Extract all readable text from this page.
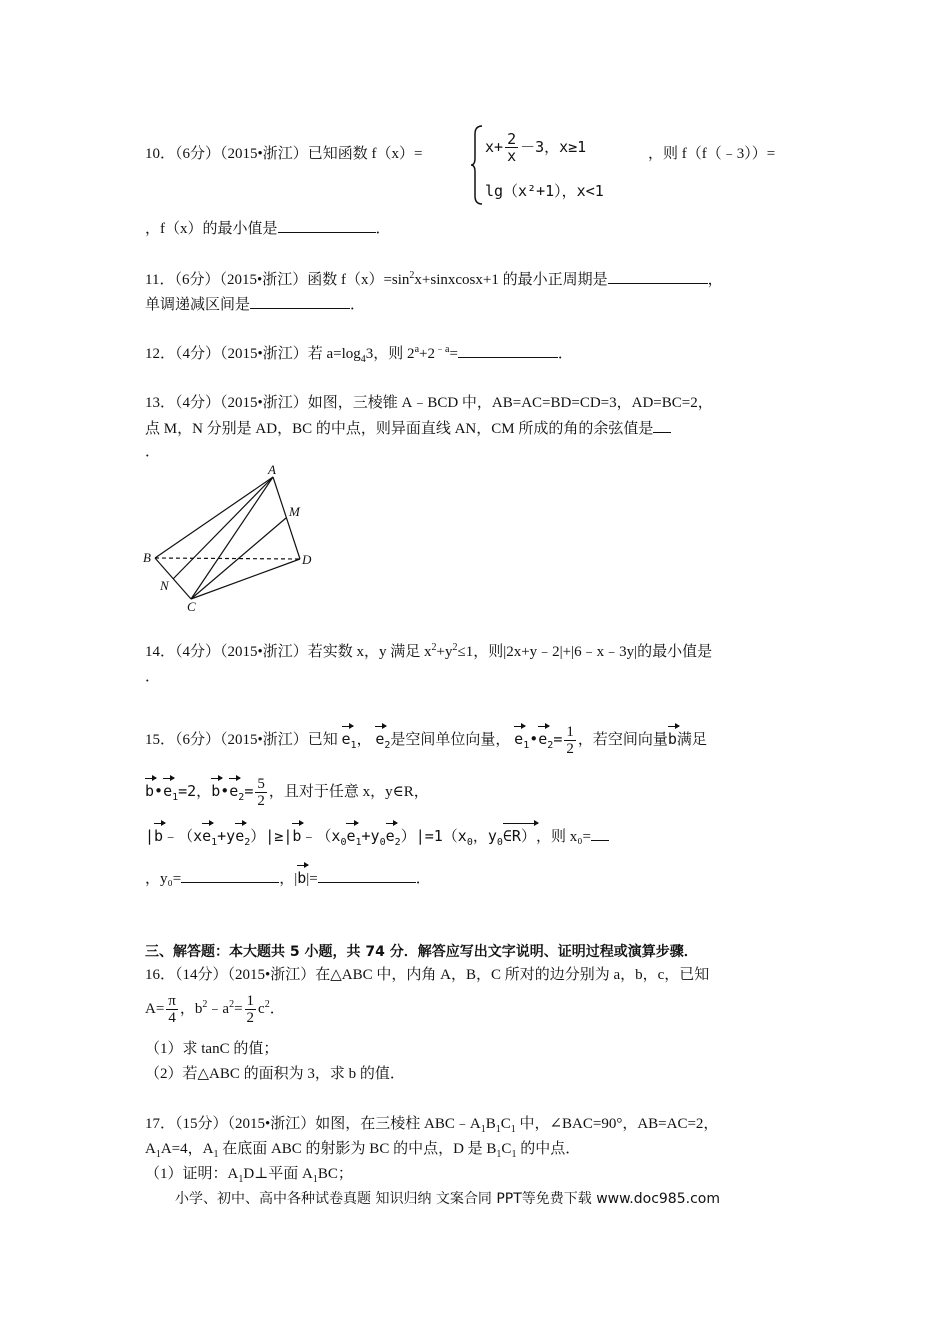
10．（6分）（2015•浙江）已知函数 f（x）=	$x+ \frac{2}{x} -3$，x≥1
lg（x²+1），x<1
，则 f（f（﹣3））=
，f（x）的最小值是	．
11．（6分）（2015•浙江）函数 $f(x)=\sin^2x+sinxcosx+1$ 的最小正周期是	，
单调递减区间是	．
12．（4分）（2015•浙江）若 $a=\log_43$，则 $2^a+2^{﹣a}=$	．
13．（4分）（2015•浙江）如图，三棱锥 A﹣BCD 中，AB=AC=BD=CD=3，AD=BC=2，
点 M，N 分别是 AD，BC 的中点，则异面直线 AN，CM 所成的角的余弦值是
．
A
B
C
D
M
N
14．（4分）（2015•浙江）若实数 x，y 满足 $x^2+y^2\le 1$，则|2x+y﹣2|+|6﹣x﹣3y|的最小值是
．
15．（6分）（2015•浙江）已知 $e_1$， $e_2$是空间单位向量， $e_1•e_2= \frac{1}{2}$ ，若空间向量b满足
$b•e_1=2$，$b•e_2= \frac{5}{2}$ ，且对于任意 x，y∈R，
$|b﹣(xe_1+ye_2)|\ge|b﹣(x_0e_1+y_0e_2)|=1(x_0$，$y_0\in R$），则 x₀=
，y₀=	，|b|=	．
三、解答题：本大题共 5 小题，共 74 分．解答应写出文字说明、证明过程或演算步骤．
16．（14分）（2015•浙江）在△ABC 中，内角 A，B，C 所对的边分别为 a，b，c，已知
$A= \frac{\pi}{4}$ ，$b^2﹣a^2= \frac{1}{2} c^2$．
（1）求 tanC 的值；
（2）若△ABC 的面积为 3，求 b 的值．
17．（15分）（2015•浙江）如图，在三棱柱 $ABC﹣A_1B_1C_1$ 中，∠BAC=90°，AB=AC=2，
$A_1A=4$，$A_1$ 在底面 ABC 的射影为 BC 的中点，D 是 $B_1C_1$ 的中点．
（1）证明：$A_1D\perp$平面 $A_1BC$；
小学、初中、高中各种试卷真题 知识归纳 文案合同 PPT等免费下载 www.doc985.com
